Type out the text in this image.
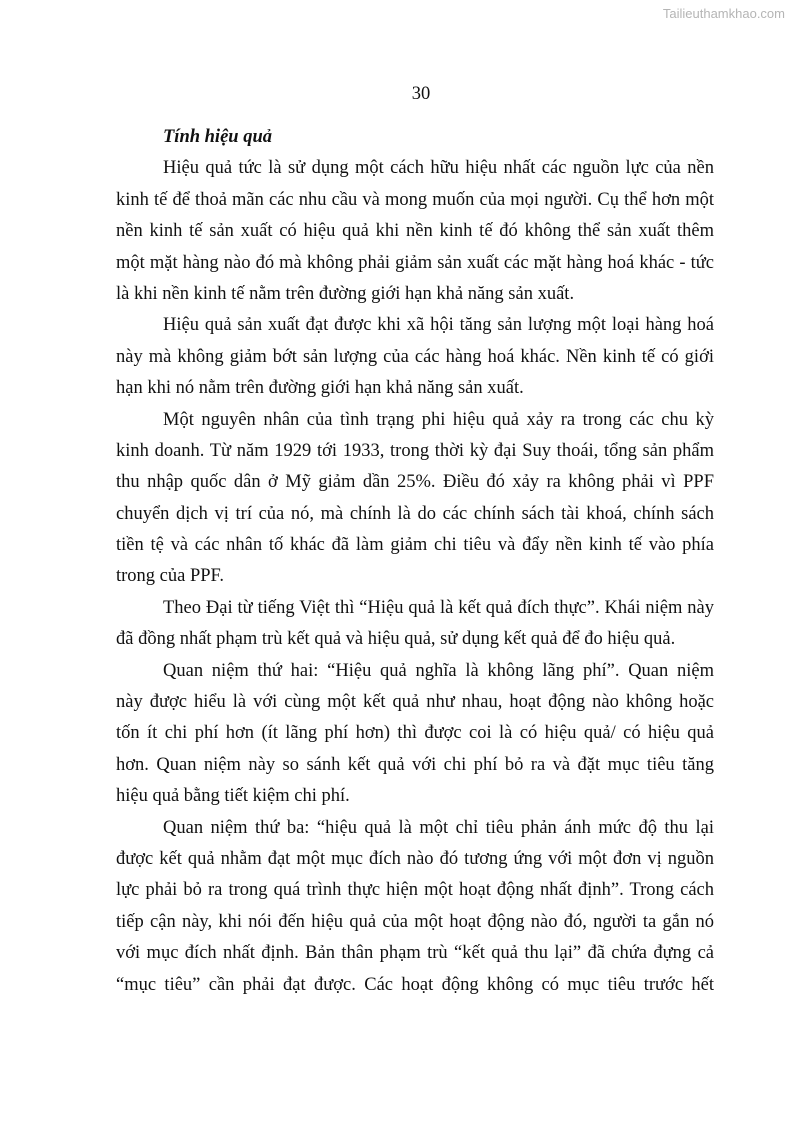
Tailieuthamkhao.com
30
Tính hiệu quả
Hiệu quả tức là sử dụng một cách hữu hiệu nhất các nguồn lực của nền
kinh tế để thoả mãn các nhu cầu và mong muốn của mọi người. Cụ thể hơn một
nền kinh tế sản xuất có hiệu quả khi nền kinh tế đó không thể sản xuất thêm
một mặt hàng nào đó mà không phải giảm sản xuất các mặt hàng hoá khác - tức
là khi nền kinh tế nằm trên đường giới hạn khả năng sản xuất.
Hiệu quả sản xuất đạt được khi xã hội tăng sản lượng một loại hàng hoá
này mà không giảm bớt sản lượng của các hàng hoá khác. Nền kinh tế có giới
hạn khi nó nằm trên đường giới hạn khả năng sản xuất.
Một nguyên nhân của tình trạng phi hiệu quả xảy ra trong các chu kỳ
kinh doanh. Từ năm 1929 tới 1933, trong thời kỳ đại Suy thoái, tổng sản phẩm
thu nhập quốc dân ở Mỹ giảm dần 25%. Điều đó xảy ra không phải vì PPF
chuyển dịch vị trí của nó, mà chính là do các chính sách tài khoá, chính sách
tiền tệ và các nhân tố khác đã làm giảm chi tiêu và đẩy nền kinh tế vào phía
trong của PPF.
Theo Đại từ tiếng Việt thì “Hiệu quả là kết quả đích thực”. Khái niệm này
đã đồng nhất phạm trù kết quả và hiệu quả, sử dụng kết quả để đo hiệu quả.
Quan niệm thứ hai: “Hiệu quả nghĩa là không lãng phí”. Quan niệm
này được hiểu là với cùng một kết quả như nhau, hoạt động nào không hoặc
tốn ít chi phí hơn (ít lãng phí hơn) thì được coi là có hiệu quả/ có hiệu quả
hơn. Quan niệm này so sánh kết quả với chi phí bỏ ra và đặt mục tiêu tăng
hiệu quả bằng tiết kiệm chi phí.
Quan niệm thứ ba: “hiệu quả là một chỉ tiêu phản ánh mức độ thu lại
được kết quả nhằm đạt một mục đích nào đó tương ứng với một đơn vị nguồn
lực phải bỏ ra trong quá trình thực hiện một hoạt động nhất định”. Trong cách
tiếp cận này, khi nói đến hiệu quả của một hoạt động nào đó, người ta gắn nó
với mục đích nhất định. Bản thân phạm trù “kết quả thu lại” đã chứa đựng cả
“mục tiêu” cần phải đạt được. Các hoạt động không có mục tiêu trước hết
